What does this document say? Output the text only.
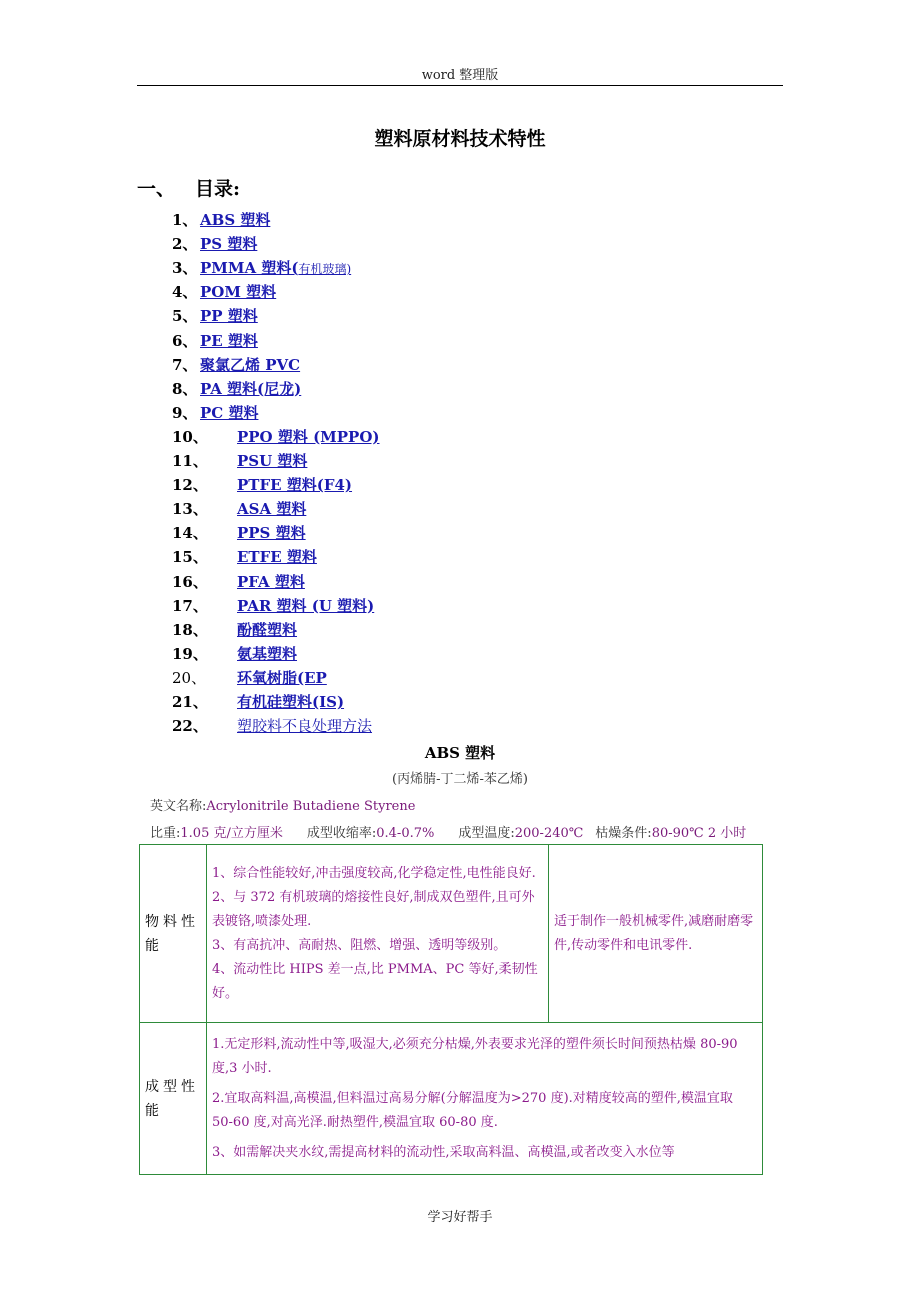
word 整理版
塑料原材料技术特性
一、 目录:
1、 ABS 塑料
2、 PS 塑料
3、 PMMA 塑料(有机玻璃)
4、 POM 塑料
5、 PP 塑料
6、 PE 塑料
7、 聚氯乙烯 PVC
8、 PA 塑料(尼龙)
9、 PC 塑料
10、	PPO 塑料 (MPPO)
11、	PSU 塑料
12、	PTFE 塑料(F4)
13、	ASA 塑料
14、	PPS 塑料
15、	ETFE 塑料
16、	PFA 塑料
17、	PAR 塑料 (U 塑料)
18、	酚醛塑料
19、	氨基塑料
20、	环氧树脂(EP
21、	有机硅塑料(IS)
22、	塑胶料不良处理方法
ABS 塑料
(丙烯腈-丁二烯-苯乙烯)
英文名称:Acrylonitrile Butadiene Styrene
比重:1.05 克/立方厘米 成型收缩率:0.4-0.7% 成型温度:200-240℃ 枯燥条件:80-90℃ 2 小时
物料性能	1、综合性能较好,冲击强度较高,化学稳定性,电性能良好.
2、与 372 有机玻璃的熔接性良好,制成双色塑件,且可外表镀铬,喷漆处理.
3、有高抗冲、高耐热、阻燃、增强、透明等级别。
4、流动性比 HIPS 差一点,比 PMMA、PC 等好,柔韧性好。	适于制作一般机械零件,减磨耐磨零件,传动零件和电讯零件.
成型性能	1.无定形料,流动性中等,吸湿大,必须充分枯燥,外表要求光泽的塑件须长时间预热枯燥 80-90 度,3 小时.
2.宜取高料温,高模温,但料温过高易分解(分解温度为>270 度).对精度较高的塑件,模温宜取 50-60 度,对高光泽.耐热塑件,模温宜取 60-80 度.
3、如需解决夹水纹,需提高材料的流动性,采取高料温、高模温,或者改变入水位等	
学习好帮手
